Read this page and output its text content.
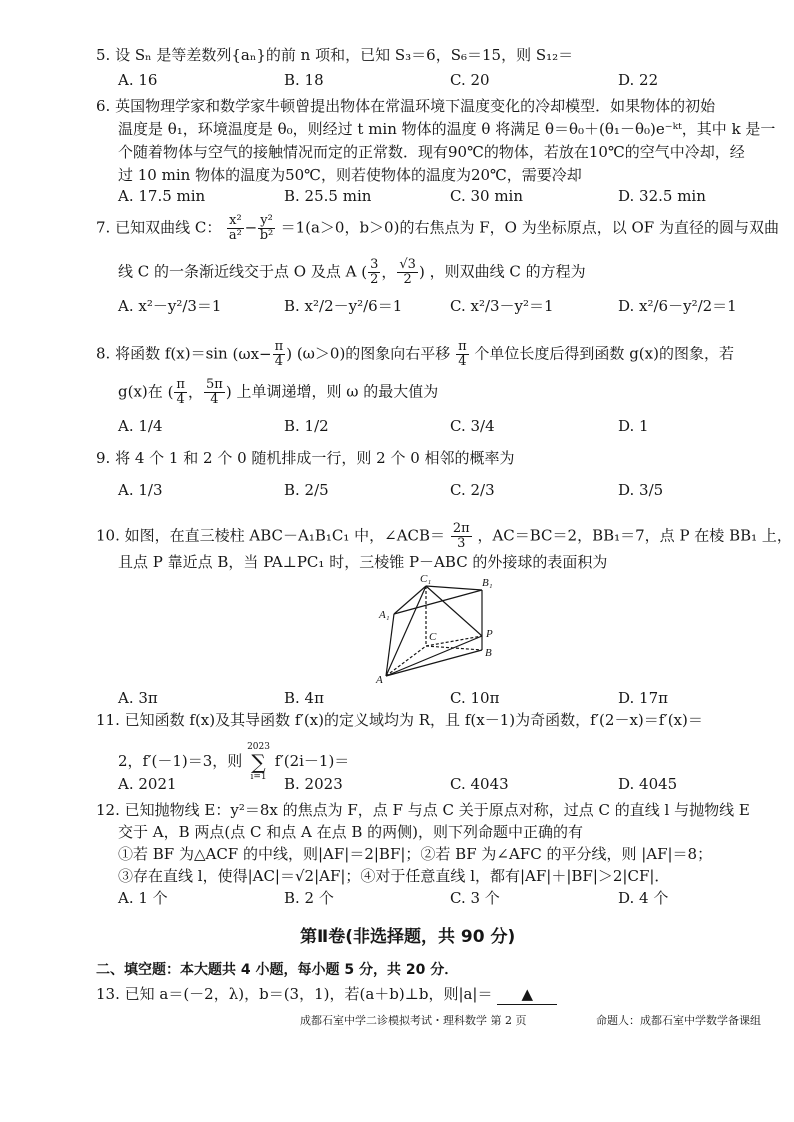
5. 设 Sₙ 是等差数列{aₙ}的前 n 项和，已知 S₃＝6，S₆＝15，则 S₁₂＝
A. 16	B. 18	C. 20	D. 22
6. 英国物理学家和数学家牛顿曾提出物体在常温环境下温度变化的冷却模型．如果物体的初始
温度是 θ₁，环境温度是 θ₀，则经过 t min 物体的温度 θ 将满足 θ＝θ₀＋(θ₁－θ₀)e⁻ᵏᵗ，其中 k 是一
个随着物体与空气的接触情况而定的正常数．现有90℃的物体，若放在10℃的空气中冷却，经
过 10 min 物体的温度为50℃，则若使物体的温度为20℃，需要冷却
A. 17.5 min	B. 25.5 min	C. 30 min	D. 32.5 min
7. 已知双曲线 C： $\frac{\text{x²}}{\text{a²}} - \frac{\text{y²}}{\text{b²}} =1(a>0$，b＞0)的右焦点为 F，O 为坐标原点，以 OF 为直径的圆与双曲
线 C 的一条渐近线交于点 O 及点 A ( $\frac{3}{2}$ ， $\frac{√3}{2}$ ) ，则双曲线 C 的方程为
A. x²－y²/3＝1	B. x²/2－y²/6＝1	C. x²/3－y²＝1	D. x²/6－y²/2＝1
8. 将函数 f(x)＝sin ($\omega x- \frac{\pi}{4}$ ) (ω＞0)的图象向右平移 $\frac{\pi}{4}$ 个单位长度后得到函数 g(x)的图象，若
g(x)在 ( $\frac{\pi}{4}$ ， $\frac{5\pi}{4}$ ) 上单调递增，则 ω 的最大值为
A. 1/4	B. 1/2	C. 3/4	D. 1
9. 将 4 个 1 和 2 个 0 随机排成一行，则 2 个 0 相邻的概率为
A. 1/3	B. 2/5	C. 2/3	D. 3/5
10. 如图，在直三棱柱 ABC－A₁B₁C₁ 中，∠ACB＝ $\frac{2\pi}{3}$ ，AC＝BC＝2，BB₁＝7，点 P 在棱 BB₁ 上，
且点 P 靠近点 B，当 PA⊥PC₁ 时，三棱锥 P－ABC 的外接球的表面积为
C₁	B₁
A₁
C	P
B
A
A. 3π	B. 4π	C. 10π	D. 17π
11. 已知函数 f(x)及其导函数 f′(x)的定义域均为 R，且 f(x－1)为奇函数，f′(2－x)＝f′(x)＝
2，f′(－1)＝3，则
2023
∑
i=1
f′(2i－1)＝
A. 2021	B. 2023	C. 4043	D. 4045
12. 已知抛物线 E：y²＝8x 的焦点为 F，点 F 与点 C 关于原点对称，过点 C 的直线 l 与抛物线 E
交于 A，B 两点(点 C 和点 A 在点 B 的两侧)，则下列命题中正确的有
①若 BF 为△ACF 的中线，则|AF|＝2|BF|；②若 BF 为∠AFC 的平分线，则 |AF|＝8；
③存在直线 l，使得|AC|＝√2|AF|；④对于任意直线 l，都有|AF|＋|BF|＞2|CF|．
A. 1 个	B. 2 个	C. 3 个	D. 4 个
第Ⅱ卷(非选择题，共 90 分)
二、填空题：本大题共 4 小题，每小题 5 分，共 20 分．
13. 已知 a＝(－2，λ)，b＝(3，1)，若(a＋b)⊥b，则|a|＝ ▲
成都石室中学二诊模拟考试・理科数学 第 2 页	命题人：成都石室中学数学备课组
